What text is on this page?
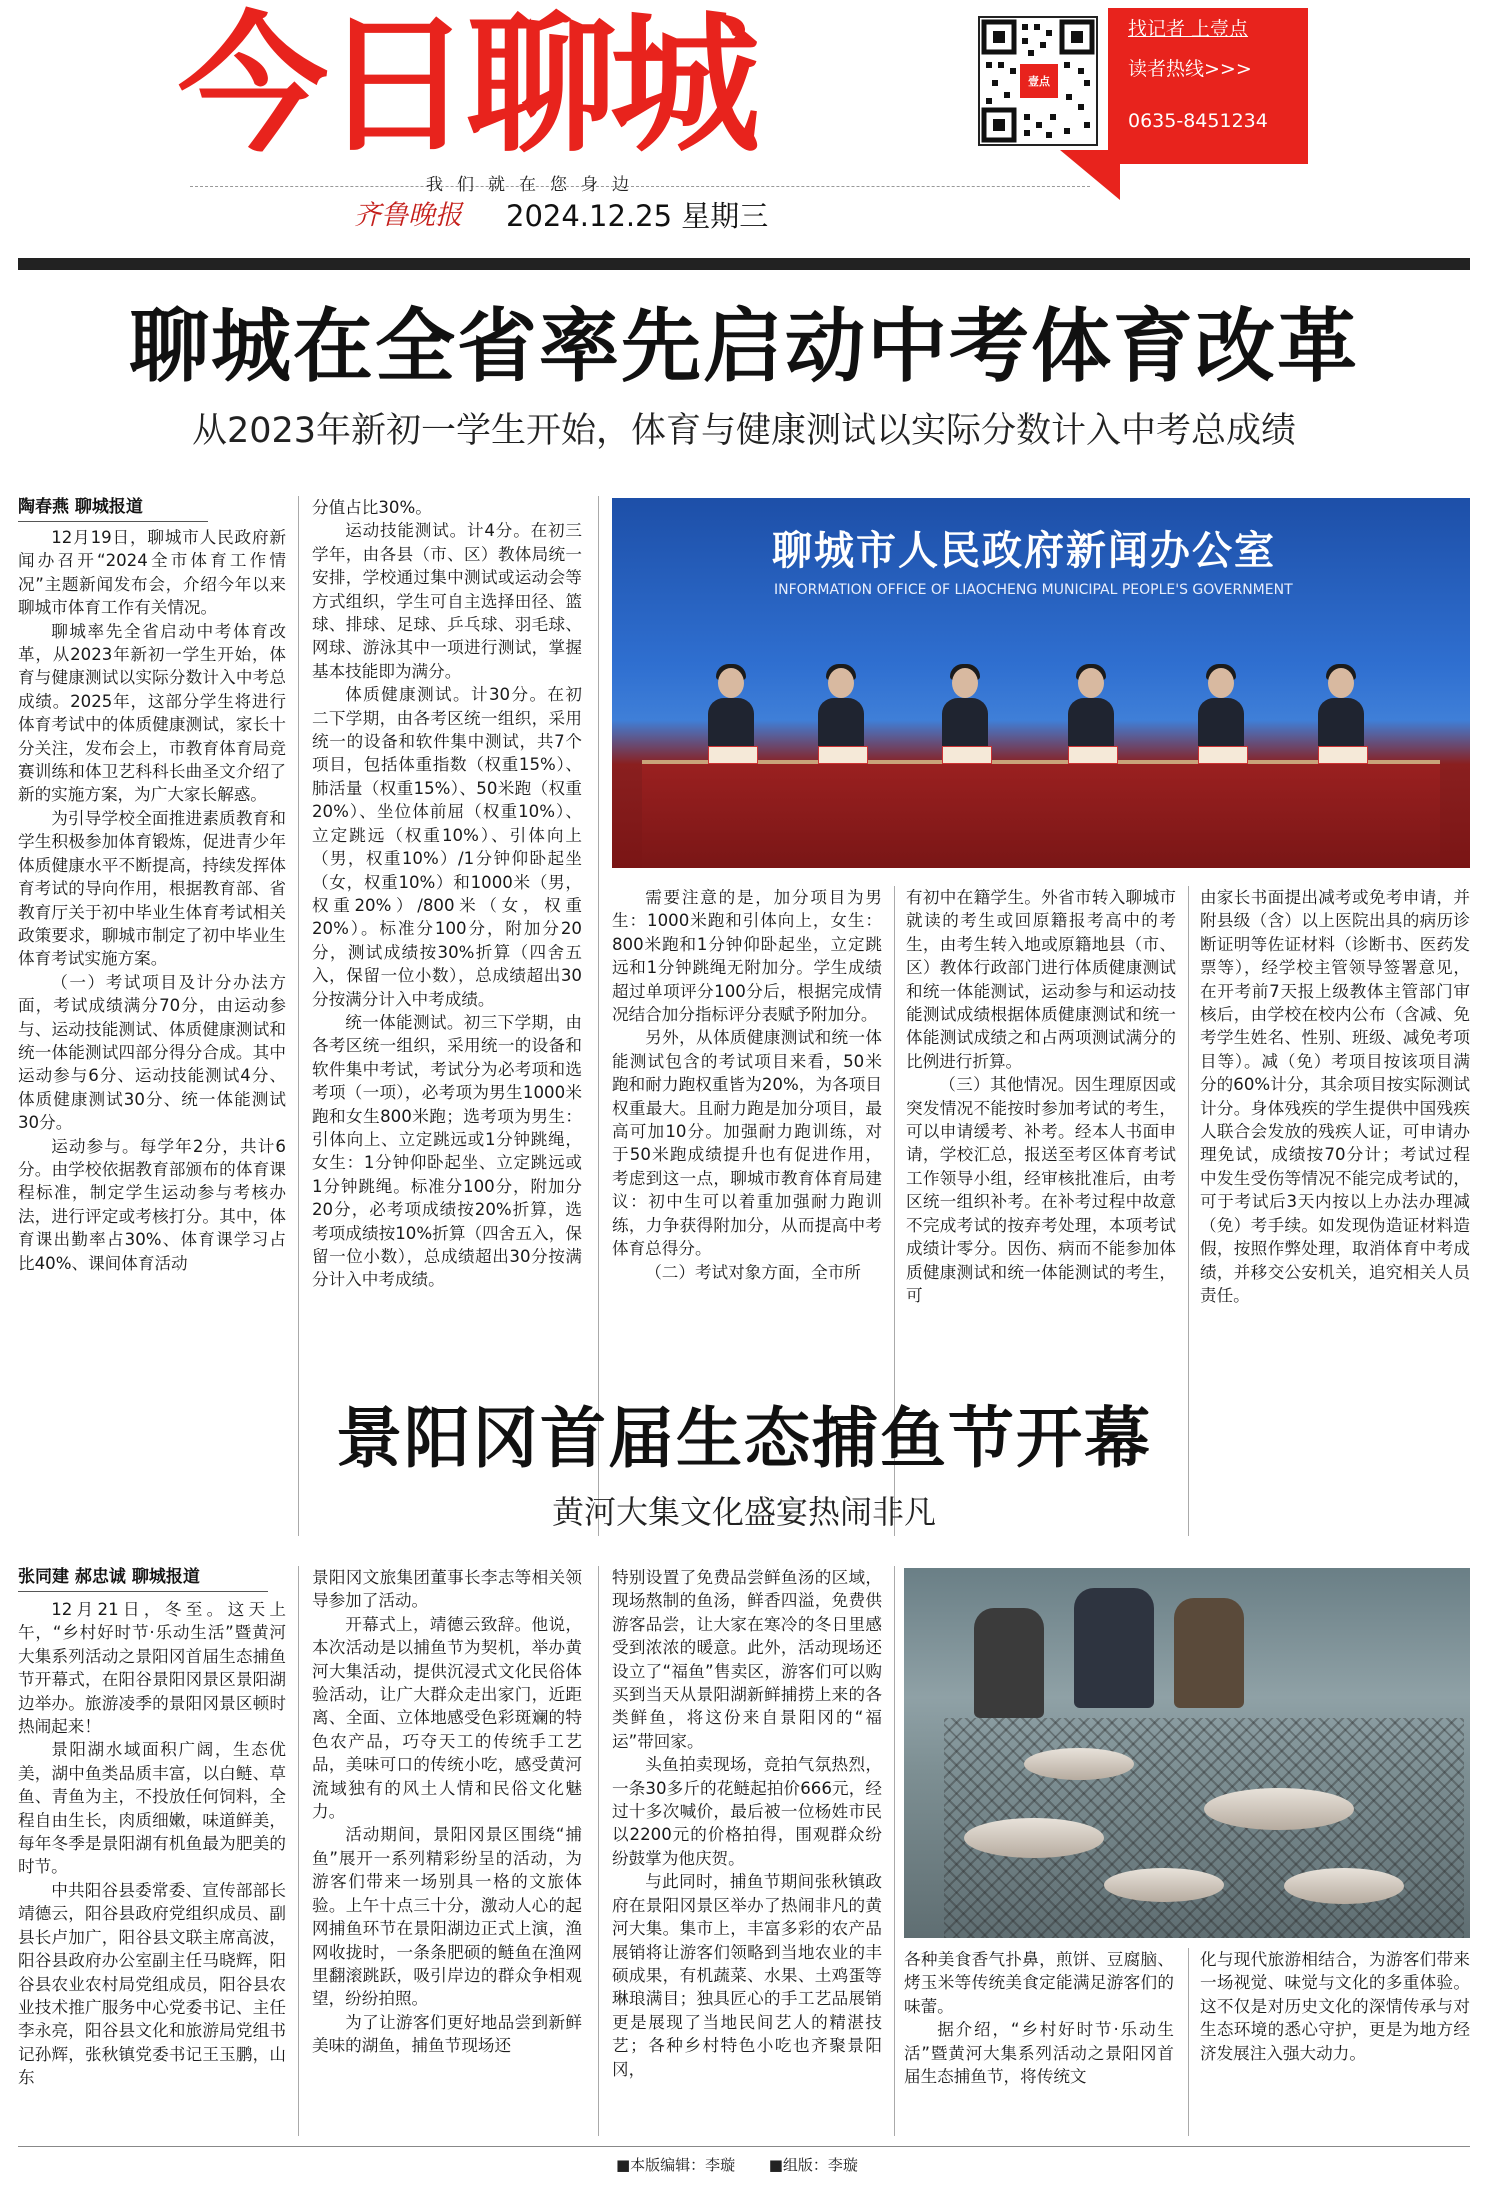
今日聊城
我们就在您身边
齐鲁晚报	2024.12.25 星期三
壹点
找记者 上壹点
读者热线>>>
0635-8451234
聊城在全省率先启动中考体育改革
从2023年新初一学生开始，体育与健康测试以实际分数计入中考总成绩
陶春燕 聊城报道

12月19日，聊城市人民政府新闻办召开“2024全市体育工作情况”主题新闻发布会，介绍今年以来聊城市体育工作有关情况。

聊城率先全省启动中考体育改革，从2023年新初一学生开始，体育与健康测试以实际分数计入中考总成绩。2025年，这部分学生将进行体育考试中的体质健康测试，家长十分关注，发布会上，市教育体育局竞赛训练和体卫艺科科长曲圣文介绍了新的实施方案，为广大家长解惑。

为引导学校全面推进素质教育和学生积极参加体育锻炼，促进青少年体质健康水平不断提高，持续发挥体育考试的导向作用，根据教育部、省教育厅关于初中毕业生体育考试相关政策要求，聊城市制定了初中毕业生体育考试实施方案。

（一）考试项目及计分办法方面，考试成绩满分70分，由运动参与、运动技能测试、体质健康测试和统一体能测试四部分得分合成。其中运动参与6分、运动技能测试4分、体质健康测试30分、统一体能测试30分。

运动参与。每学年2分，共计6分。由学校依据教育部颁布的体育课程标准，制定学生运动参与考核办法，进行评定或考核打分。其中，体育课出勤率占30%、体育课学习占比40%、课间体育活动

分值占比30%。

运动技能测试。计4分。在初三学年，由各县（市、区）教体局统一安排，学校通过集中测试或运动会等方式组织，学生可自主选择田径、篮球、排球、足球、乒乓球、羽毛球、网球、游泳其中一项进行测试，掌握基本技能即为满分。

体质健康测试。计30分。在初二下学期，由各考区统一组织，采用统一的设备和软件集中测试，共7个项目，包括体重指数（权重15%）、肺活量（权重15%）、50米跑（权重20%）、坐位体前屈（权重10%）、立定跳远（权重10%）、引体向上（男，权重10%）/1分钟仰卧起坐（女，权重10%）和1000米（男，权重20%）/800米（女，权重20%）。标准分100分，附加分20分，测试成绩按30%折算（四舍五入，保留一位小数），总成绩超出30分按满分计入中考成绩。

统一体能测试。初三下学期，由各考区统一组织，采用统一的设备和软件集中考试，考试分为必考项和选考项（一项），必考项为男生1000米跑和女生800米跑；选考项为男生：引体向上、立定跳远或1分钟跳绳，女生：1分钟仰卧起坐、立定跳远或1分钟跳绳。标准分100分，附加分20分，必考项成绩按20%折算，选考项成绩按10%折算（四舍五入，保留一位小数），总成绩超出30分按满分计入中考成绩。

聊城市人民政府新闻办公室
INFORMATION OFFICE OF LIAOCHENG MUNICIPAL PEOPLE'S GOVERNMENT

需要注意的是，加分项目为男生：1000米跑和引体向上，女生：800米跑和1分钟仰卧起坐，立定跳远和1分钟跳绳无附加分。学生成绩超过单项评分100分后，根据完成情况结合加分指标评分表赋予附加分。

另外，从体质健康测试和统一体能测试包含的考试项目来看，50米跑和耐力跑权重皆为20%，为各项目权重最大。且耐力跑是加分项目，最高可加10分。加强耐力跑训练，对于50米跑成绩提升也有促进作用，考虑到这一点，聊城市教育体育局建议：初中生可以着重加强耐力跑训练，力争获得附加分，从而提高中考体育总得分。

（二）考试对象方面，全市所

有初中在籍学生。外省市转入聊城市就读的考生或回原籍报考高中的考生，由考生转入地或原籍地县（市、区）教体行政部门进行体质健康测试和统一体能测试，运动参与和运动技能测试成绩根据体质健康测试和统一体能测试成绩之和占两项测试满分的比例进行折算。

（三）其他情况。因生理原因或突发情况不能按时参加考试的考生，可以申请缓考、补考。经本人书面申请，学校汇总，报送至考区体育考试工作领导小组，经审核批准后，由考区统一组织补考。在补考过程中故意不完成考试的按弃考处理，本项考试成绩计零分。因伤、病而不能参加体质健康测试和统一体能测试的考生，可

由家长书面提出减考或免考申请，并附县级（含）以上医院出具的病历诊断证明等佐证材料（诊断书、医药发票等），经学校主管领导签署意见，在开考前7天报上级教体主管部门审核后，由学校在校内公布（含减、免考学生姓名、性别、班级、减免考项目等）。减（免）考项目按该项目满分的60%计分，其余项目按实际测试计分。身体残疾的学生提供中国残疾人联合会发放的残疾人证，可申请办理免试，成绩按70分计；考试过程中发生受伤等情况不能完成考试的，可于考试后3天内按以上办法办理减（免）考手续。如发现伪造证材料造假，按照作弊处理，取消体育中考成绩，并移交公安机关，追究相关人员责任。

景阳冈首届生态捕鱼节开幕
黄河大集文化盛宴热闹非凡
张同建 郝忠诚 聊城报道

12月21日，冬至。这天上午，“乡村好时节·乐动生活”暨黄河大集系列活动之景阳冈首届生态捕鱼节开幕式，在阳谷景阳冈景区景阳湖边举办。旅游凌季的景阳冈景区顿时热闹起来！

景阳湖水域面积广阔，生态优美，湖中鱼类品质丰富，以白鲢、草鱼、青鱼为主，不投放任何饲料，全程自由生长，肉质细嫩，味道鲜美，每年冬季是景阳湖有机鱼最为肥美的时节。

中共阳谷县委常委、宣传部部长靖德云，阳谷县政府党组织成员、副县长卢加广，阳谷县文联主席高波，阳谷县政府办公室副主任马晓辉，阳谷县农业农村局党组成员，阳谷县农业技术推广服务中心党委书记、主任李永亮，阳谷县文化和旅游局党组书记孙辉，张秋镇党委书记王玉鹏，山东

景阳冈文旅集团董事长李志等相关领导参加了活动。

开幕式上，靖德云致辞。他说，本次活动是以捕鱼节为契机，举办黄河大集活动，提供沉浸式文化民俗体验活动，让广大群众走出家门，近距离、全面、立体地感受色彩斑斓的特色农产品，巧夺天工的传统手工艺品，美味可口的传统小吃，感受黄河流域独有的风土人情和民俗文化魅力。

活动期间，景阳冈景区围绕“捕鱼”展开一系列精彩纷呈的活动，为游客们带来一场别具一格的文旅体验。上午十点三十分，激动人心的起网捕鱼环节在景阳湖边正式上演，渔网收拢时，一条条肥硕的鲢鱼在渔网里翻滚跳跃，吸引岸边的群众争相观望，纷纷拍照。

为了让游客们更好地品尝到新鲜美味的湖鱼，捕鱼节现场还

特别设置了免费品尝鲜鱼汤的区域，现场熬制的鱼汤，鲜香四溢，免费供游客品尝，让大家在寒冷的冬日里感受到浓浓的暖意。此外，活动现场还设立了“福鱼”售卖区，游客们可以购买到当天从景阳湖新鲜捕捞上来的各类鲜鱼，将这份来自景阳冈的“福运”带回家。

头鱼拍卖现场，竞拍气氛热烈，一条30多斤的花鲢起拍价666元，经过十多次喊价，最后被一位杨姓市民以2200元的价格拍得，围观群众纷纷鼓掌为他庆贺。

与此同时，捕鱼节期间张秋镇政府在景阳冈景区举办了热闹非凡的黄河大集。集市上，丰富多彩的农产品展销将让游客们领略到当地农业的丰硕成果，有机蔬菜、水果、土鸡蛋等琳琅满目；独具匠心的手工艺品展销更是展现了当地民间艺人的精湛技艺；各种乡村特色小吃也齐聚景阳冈，

各种美食香气扑鼻，煎饼、豆腐脑、烤玉米等传统美食定能满足游客们的味蕾。

据介绍，“乡村好时节·乐动生活”暨黄河大集系列活动之景阳冈首届生态捕鱼节，将传统文

化与现代旅游相结合，为游客们带来一场视觉、味觉与文化的多重体验。这不仅是对历史文化的深情传承与对生态环境的悉心守护，更是为地方经济发展注入强大动力。

■本版编辑：李璇 ■组版：李璇
